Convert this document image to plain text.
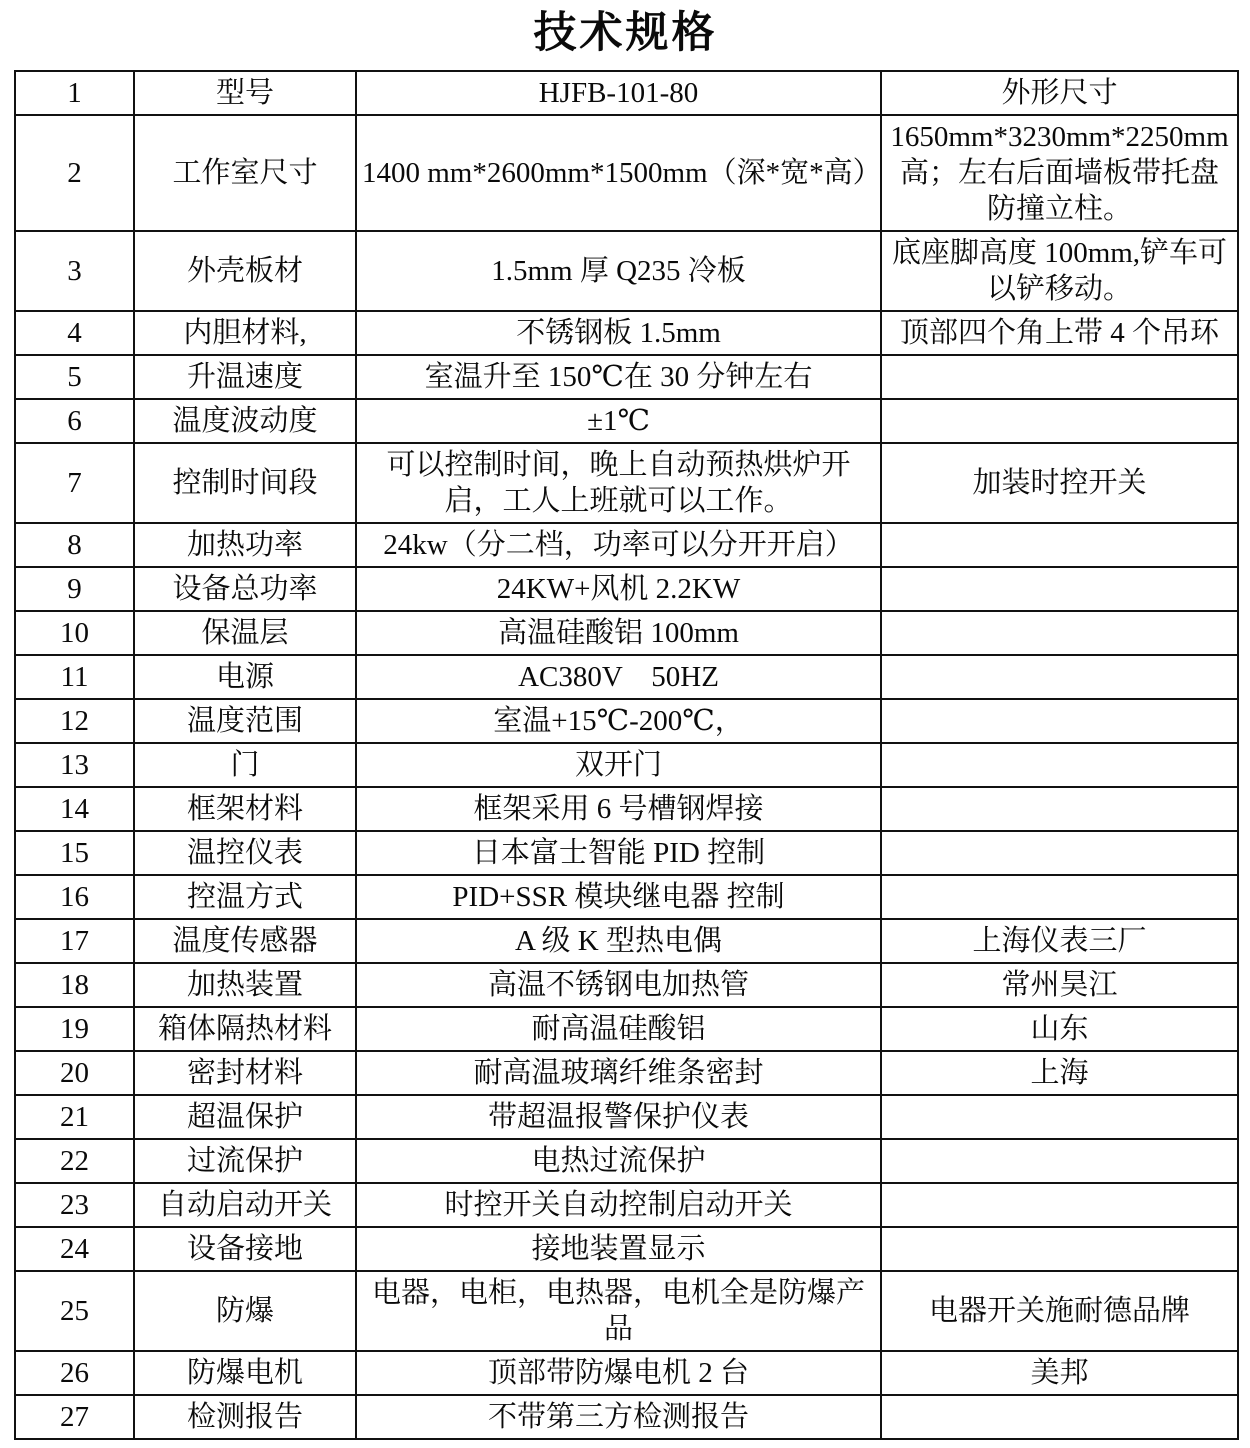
技术规格
1	型号	HJFB-101-80	外形尺寸
2	工作室尺寸	1400 mm*2600mm*1500mm（深*宽*高）	1650mm*3230mm*2250mm高；左右后面墙板带托盘防撞立柱。
3	外壳板材	1.5mm 厚 Q235 冷板	底座脚高度 100mm,铲车可以铲移动。
4	内胆材料,	不锈钢板 1.5mm	顶部四个角上带 4 个吊环
5	升温速度	室温升至 150℃在 30 分钟左右	
6	温度波动度	±1℃	
7	控制时间段	可以控制时间，晚上自动预热烘炉开启，工人上班就可以工作。	加装时控开关
8	加热功率	24kw（分二档，功率可以分开开启）	
9	设备总功率	24KW+风机 2.2KW	
10	保温层	高温硅酸铝 100mm	
11	电源	AC380V　50HZ	
12	温度范围	室温+15℃-200℃，	
13	门	双开门	
14	框架材料	框架采用 6 号槽钢焊接	
15	温控仪表	日本富士智能 PID 控制	
16	控温方式	PID+SSR 模块继电器 控制	
17	温度传感器	A 级 K 型热电偶	上海仪表三厂
18	加热装置	高温不锈钢电加热管	常州昊江
19	箱体隔热材料	耐高温硅酸铝	山东
20	密封材料	耐高温玻璃纤维条密封	上海
21	超温保护	带超温报警保护仪表	
22	过流保护	电热过流保护	
23	自动启动开关	时控开关自动控制启动开关	
24	设备接地	接地装置显示	
25	防爆	电器，电柜，电热器，电机全是防爆产品	电器开关施耐德品牌
26	防爆电机	顶部带防爆电机 2 台	美邦
27	检测报告	不带第三方检测报告	
